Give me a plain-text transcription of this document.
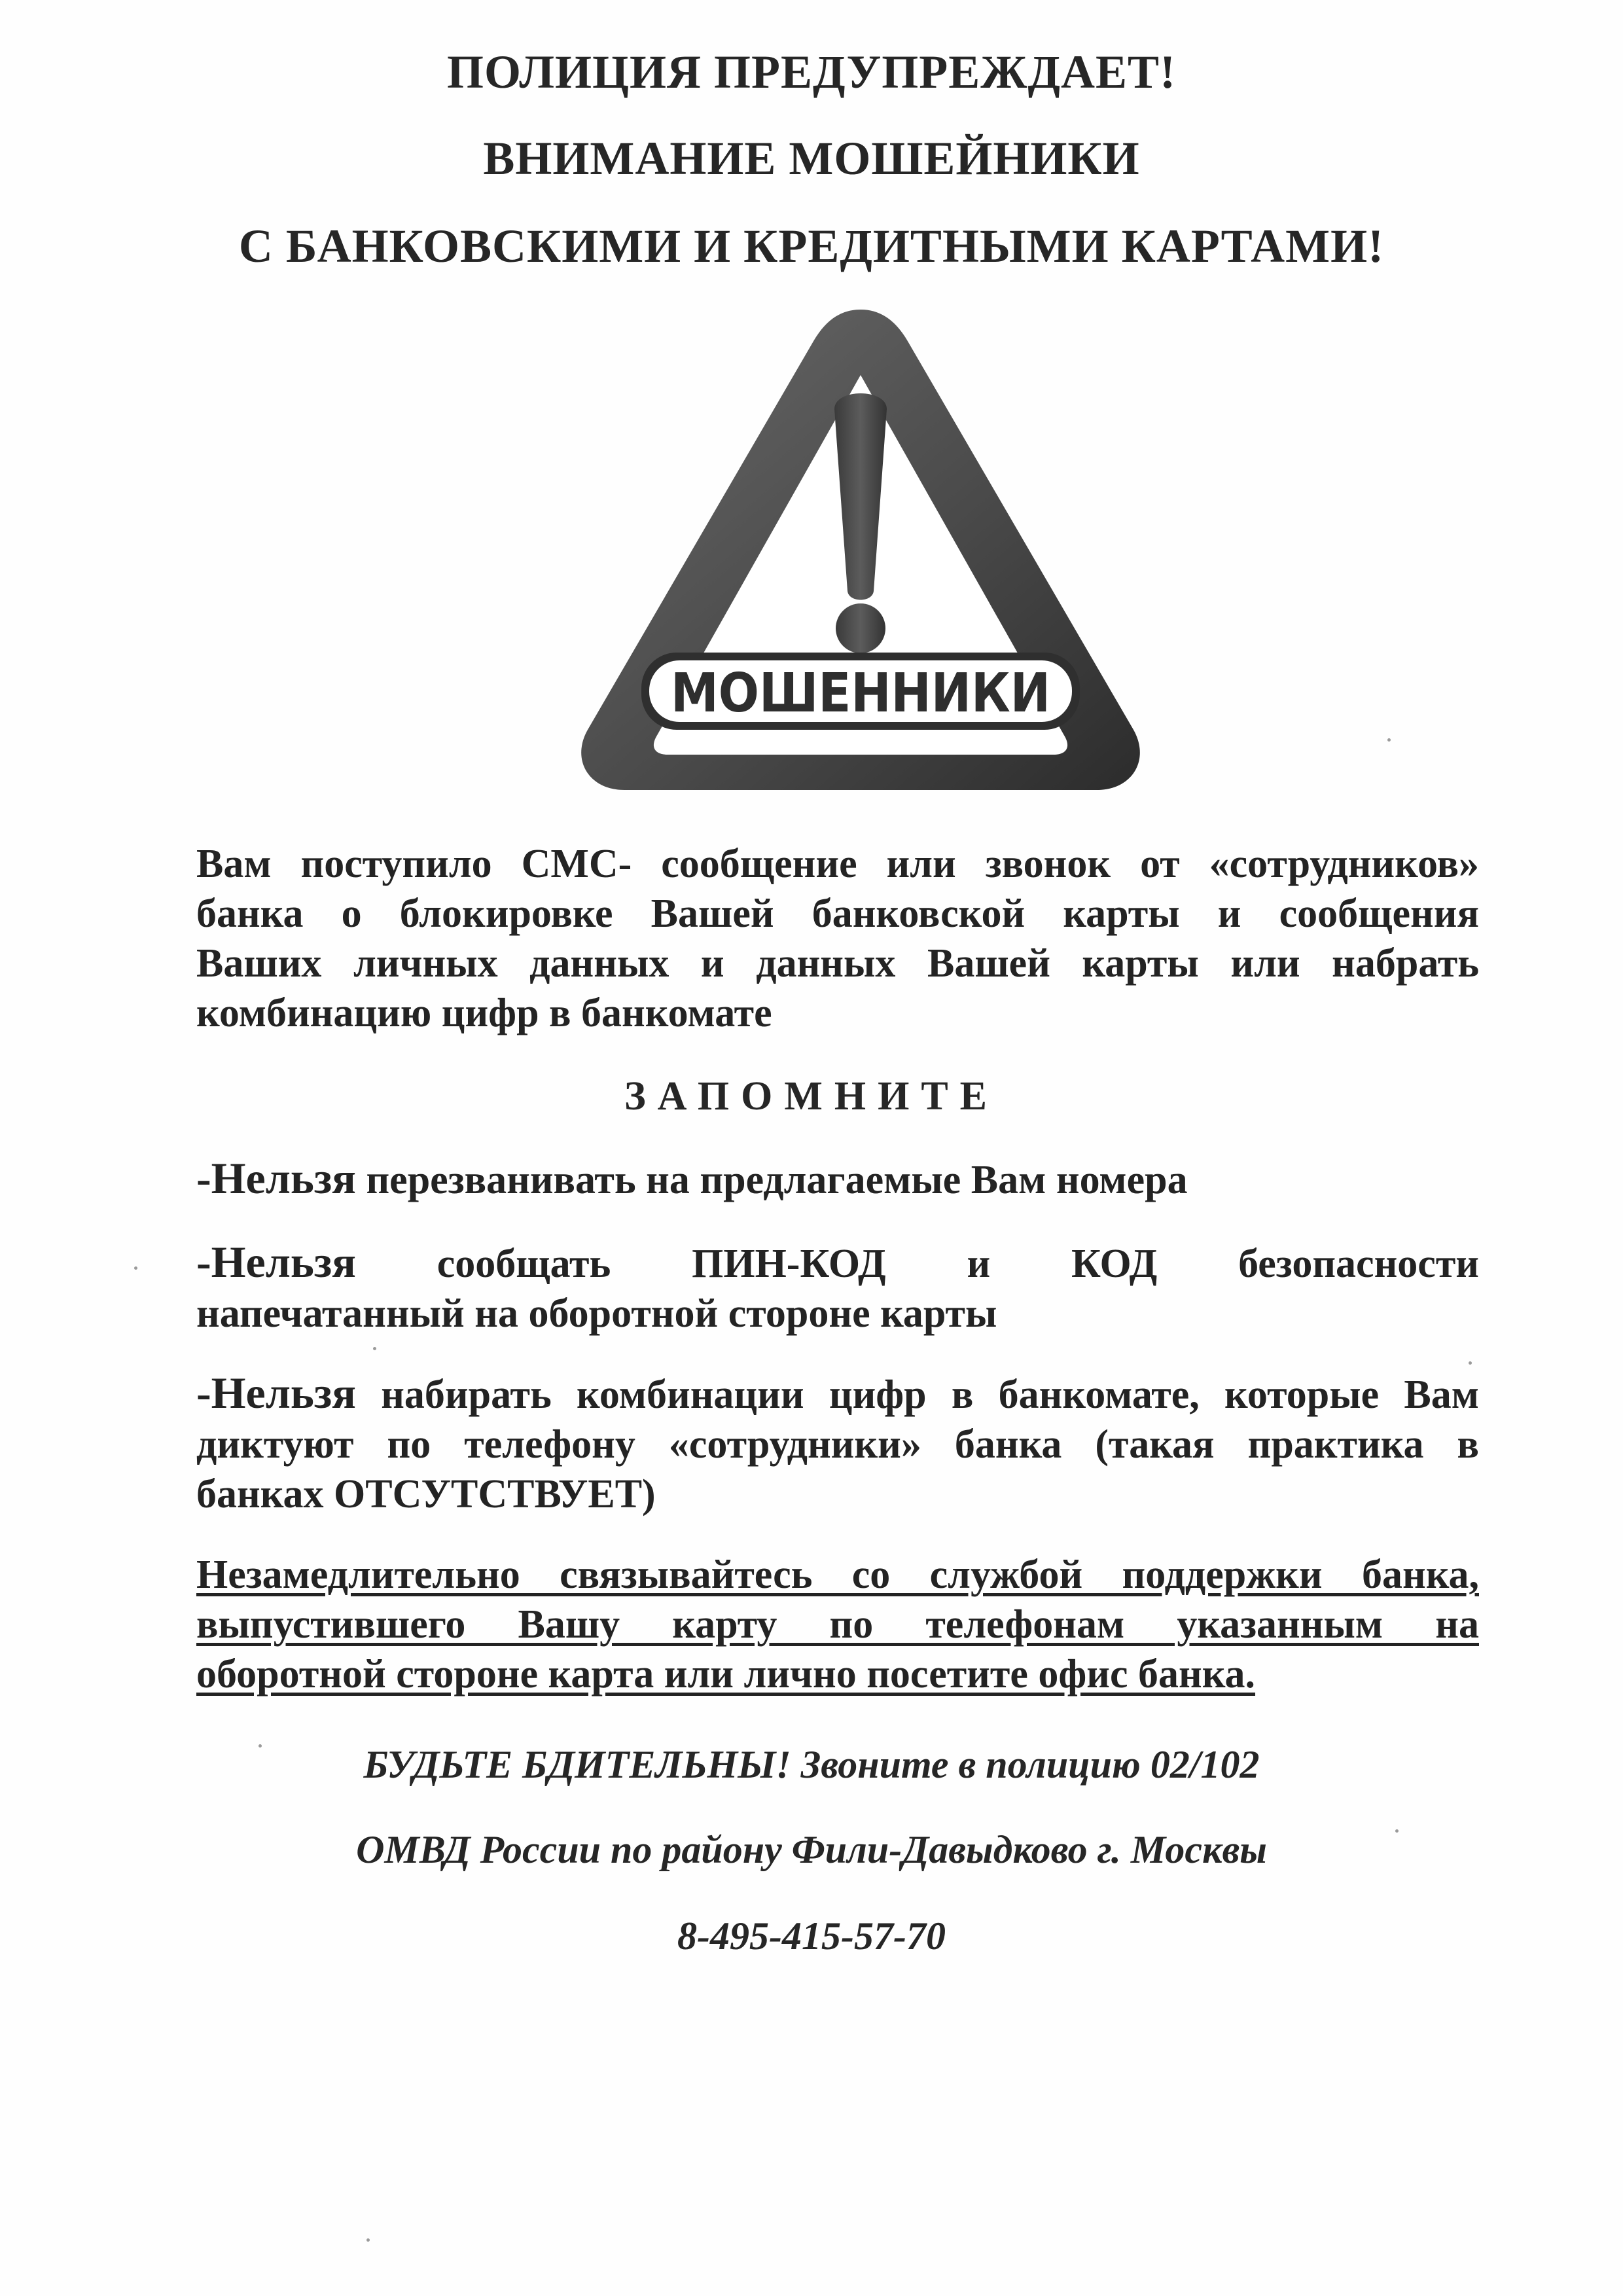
ПОЛИЦИЯ ПРЕДУПРЕЖДАЕТ!
ВНИМАНИЕ МОШЕЙНИКИ
С БАНКОВСКИМИ И КРЕДИТНЫМИ КАРТАМИ!
МОШЕННИКИ
Вам поступило СМС- сообщение или звонок от «сотрудников»
банка о блокировке Вашей банковской карты и сообщения
Ваших личных данных и данных Вашей карты или набрать
комбинацию цифр в банкомате
ЗАПОМНИТЕ
-Нельзя перезванивать на предлагаемые Вам номера
-Нельзя сообщать ПИН-КОД и КОД безопасности
напечатанный на оборотной стороне карты
-Нельзя набирать комбинации цифр в банкомате, которые Вам
диктуют по телефону «сотрудники» банка (такая практика в
банках ОТСУТСТВУЕТ)
Незамедлительно связывайтесь со службой поддержки банка,
выпустившего Вашу карту по телефонам указанным на
оборотной стороне карта или лично посетите офис банка.
БУДЬТЕ БДИТЕЛЬНЫ! Звоните в полицию 02/102
ОМВД России по району Фили-Давыдково г. Москвы
8-495-415-57-70
